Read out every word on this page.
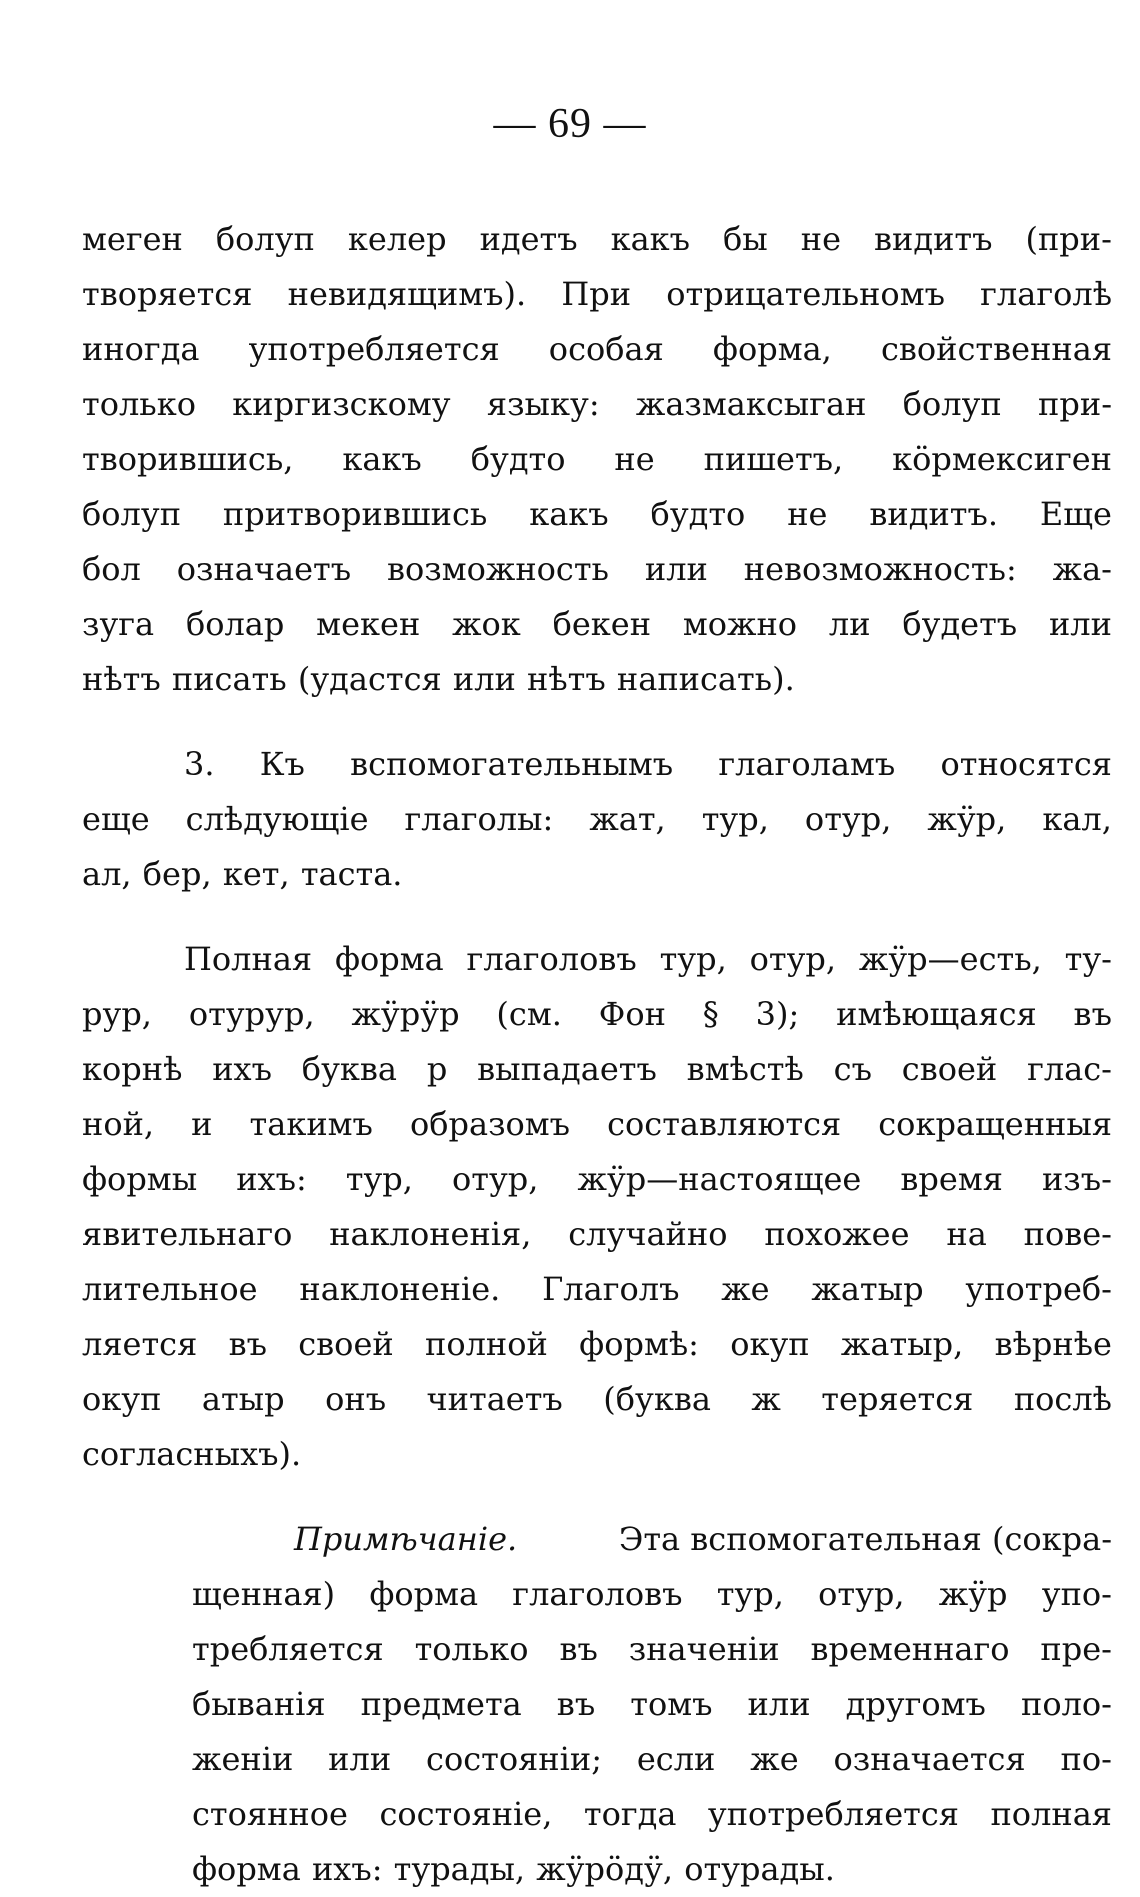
— 69 —
мегeн болуп келер идетъ какъ бы не видитъ (при-
творяется невидящимъ). При отрицательномъ глаголѣ
иногда употребляется особая форма, свойственная
только киргизскому языку: жазмаксыган болуп при-
творившись, какъ будто не пишетъ, кӧрмексиген
болуп притворившись какъ будто не видитъ. Еще
бол означаетъ возможность или невозможность: жа-
зуга болар мекен жок бекен можно ли будетъ или
нѣтъ писать (удастся или нѣтъ написать).
3. Къ вспомогательнымъ глаголамъ относятся
еще слѣдующіе глаголы: жат, тур, отур, жӱр, кал,
ал, бер, кет, таста.
Полная форма глаголовъ тур, отур, жӱр—есть, ту-
рур, отурур, жӱрӱр (см. Фон § 3); имѣющаяся въ
корнѣ ихъ буква р выпадаетъ вмѣстѣ съ своей глас-
ной, и такимъ образомъ составляются сокращенныя
формы ихъ: тур, отур, жӱр—настоящее время изъ-
явительнаго наклоненія, случайно похожее на пове-
лительное наклоненіе. Глаголъ же жатыр употреб-
ляется въ своей полной формѣ: окуп жатыр, вѣрнѣе
окуп атыр онъ читаетъ (буква ж теряется послѣ
согласныхъ).
Примѣчаніе.	Эта вспомогательная (сокра-
щенная) форма глаголовъ тур, отур, жӱр упо-
требляется только въ значеніи временнаго пре-
быванія предмета въ томъ или другомъ поло-
женіи или состояніи; если же означается по-
стоянное состояніе, тогда употребляется полная
форма ихъ: турады, жӱрӧдӱ, отурады.
